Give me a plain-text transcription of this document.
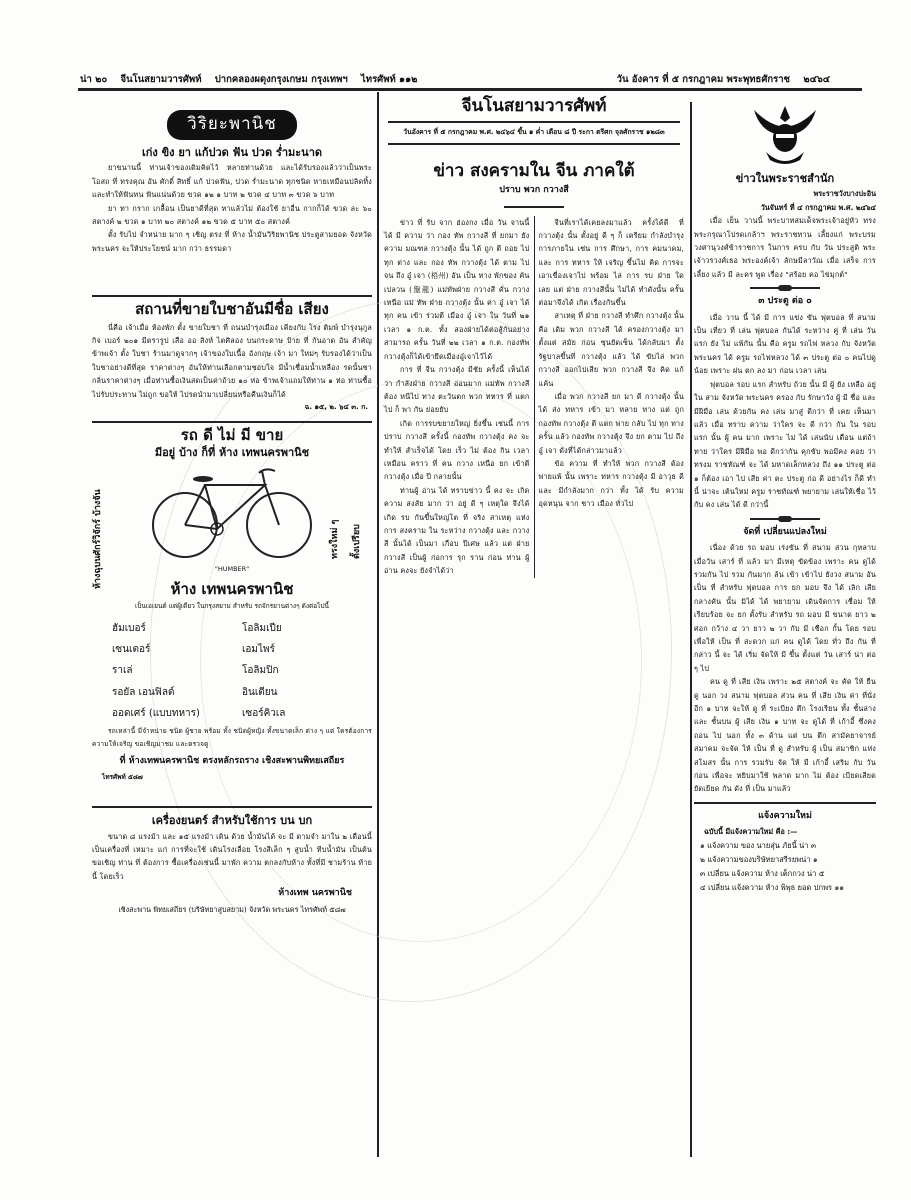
น่า ๒๐ จีนโนสยามวารศัพท์ ปากคลองผดุงกรุงเกษม กรุงเทพฯ ไทรศัพท์ ๑๑๒	วัน อังคาร ที่ ๕ กรกฎาคม พระพุทธศักราช ๒๔๖๔
วิริยะพานิช
เก่ง ขิง ยา แก้ปวด ฟัน ปวด ร่ำมะนาด

ยาขนานนี้ ท่านเจ้าของเดิมคิดไว้ หลายท่านด้วย และได้รับรองแล้วว่าเป็นพระ โอสถ ที่ ทรงคุณ อัน ศักดิ์ สิทธิ์ แก้ ปวดฟัน, ปวด ร่ำมะนาด ทุกชนิด หายเหมือนปลิดทิ้ง และทำให้ฟันทน ฟันแน่นด้วย ขวด ๑๒ ๑ บาท ๒ ขวด ๔ บาท ๓ ขวด ๖ บาท

ยา ทา กราก เกลื้อน เป็นยาดีที่สุด ทาแล้วไม่ ต้องใช้ ยาอื่น กากก็ได้ ขวด ละ ๖๐ สตางค์ ๒ ขวด ๑ บาท ๒๐ สตางค์ ๑๒ ขวด ๕ บาท ๕๐ สตางค์

ตั้ง รับไป จำหน่าย มาก ๆ เชิญ ตรง ที่ ห้าง น้ำมันวิริยพานิช ประตูสามยอด จังหวัด พระนคร จะให้ประโยชน์ มาก กว่า ธรรมดา

สถานที่ขายใบชาอันมีชื่อ เสียง

นี่คือ เจ้าเมื่อ ห้องพัก ตั้ง ขายใบชา ที่ ถนนบำรุงเมือง เคียงกับ โรง ติมพ์ บำรุงนุกูลกิจ เบอร์ ๒๐๑ มีตรารูป เสือ ออ สิงห์ ไตศิลอง บนกระดาษ ป้าย ที่ กันอาด อัน สำคัญ ข้าพเจ้า ตั้ง ใบชา ร้านมาดูจากๆ เจ้าของใบเนื้อ อังกฤษ เจ้า มา ใหม่ๆ รับรองได้ว่าเป็นใบชาอย่างดีที่สุด ราคาต่างๆ อันให้ท่านเลือกตามชอบใจ มีน้ำเชื่อมน้ำเหลือง รดนั้นชา กลิ่นราคาต่างๆ เมื่อท่านซื้อเงินสดเป็นค่าถ้วย ๑๐ ห่อ ข้าพเจ้าแถมให้ท่าน ๑ ห่อ ท่านซื้อไปรับประทาน ไม่ถูก ขอให้ ไปรดนำมาเปลี่ยนหรือคืนเงินก็ได้

ฉ. ๑๕, ๒. ๖๔ ๓. ก.
รถ ดี ไม่ มี ขาย
มีอยู่ บ้าง ก็ที่ ห้าง เทพนครพานิช
ห้างฉุบนศักร์วิจักร์ บ้างจัน	ทรงใหม่ ๆ ตั้งเปรียบ
"HUMBER"
ห้าง เทพนครพานิช
เป็นเอเยนต์ แต่ผู้เดียว ในกรุงสยาม สำหรับ รถจักรยานต่างๆ ดังต่อไปนี้
ฮัมเบอร์	โอลิมเปีย
เซนเตอร์	เอมไพร์
ราเล่	โอลิมปิก
รอยัล เอนฟิลด์	อินเตียน
ออดเศร์ (แบบทหาร)	เซอร์คิวเล

รถเหล่านี้ มีจำหน่าย ชนิด ผู้ชาย พร้อม ทั้ง ชนิดผู้หญิง ทั้งขนาดเล็ก ต่าง ๆ แต่ ใครต้องการ ความให้เจริญ ขอเชิญมาชม และตรวจดู

ที่ ห้างเทพนครพานิช ตรงหลักรถราง เชิงสะพานพิทยเสถียร
ไทรศัพท์ ๕๘๗
เครื่องยนตร์ สำหรับใช้การ บน บก

ขนาด ๘ แรงม้า และ ๑๕ แรงม้า เดิน ด้วย น้ำมันได้ จะ มี ตามจำ มาใน ๒ เดือนนี้ เป็นเครื่องที่ เหมาะ แก่ การที่จะใช้ เดินโรงเลื่อย โรงสีเล็ก ๆ สูบน้ำ ทีบน้ำมัน เป็นต้น ขอเชิญ ท่าน ที่ ต้องการ ซื้อเครื่องเช่นนี้ มาพัก ความ ตกลงกับห้าง ทั้งที่มี ชามร้าน ท้ายนี้ โดยเร็ว

ห้างเทพ นครพานิช
เชิงสะพาน พิทยเสถียร (บริษัทยาสูบสยาม) จังหวัด พระนคร ไทรศัพท์ ๕๘๗
จีนโนสยามวารศัพท์
วันอังคาร ที่ ๕ กรกฎาคม พ.ศ. ๒๔๖๔ ขึ้น ๑ ค่ำ เดือน ๘ ปี ระกา ตรีศก จุลศักราช ๑๒๘๓
ข่าว สงครามใน จีน ภาคใต้
ปราบ พวก กวางสี

ข่าว ที่ รับ จาก ฮ่องกง เมื่อ วัน จานนี้ ได้ มี ความ ว่า กอง ทัพ กวางสี ที่ ยกมา ยัง ความ มณฑล กวางตุ้ง นั้น ได้ ถูก ตี ถอย ไป ทุก ต่าง และ กอง ทัพ กวางตุ้ง ได้ ตาม ไป จน ถึง อู๋ เจา (梧州) อัน เป็น ทาง พักของ คัน เปลวน (盤龍) แม่ทัพฝ่าย กวางสี คั่น กวาง เหนือ แม่ ทัพ ฝ่าย กวางตุ้ง นั้น ค่า อู๋ เจา ได้ ทุก คน เข้า ร่วมตี เมือง อู๋ เจา ใน วันที่ ๒๑ เวลา ๑ ก.ต. ทั้ง สองฝ่ายได้ต่อสู้กันอย่างสามารถ ครั้น วันที่ ๒๒ เวลา ๑ ก.ต. กองทัพกวางตุ้งก็ได้เข้ายึดเมืองอู๋เจาไว้ได้

การ ที่ จีน กวางตุ้ง มีชัย ครั้งนี้ เห็นได้ว่า กำลังฝ่าย กวางสี อ่อนมาก แม่ทัพ กวางสี ต้อง หนีไป ทาง ตะวันตก พวก ทหาร ที่ แตก ไป ก็ พา กัน ย่อยยับ

เกิด การรบขยายใหญ่ ยิ่งขึ้น เช่นนี้ การปราบ กวางสี ครั้งนี้ กองทัพ กวางตุ้ง คง จะ ทำให้ สำเร็จได้ โดย เร็ว ไม่ ต้อง กิน เวลา เหมือน คราว ที่ คน กวาง เหนือ ยก เข้าตี กวางตุ้ง เมื่อ ปี กลายนั้น

ท่านผู้ อ่าน ได้ ทราบข่าว นี้ คง จะ เกิด ความ สงสัย มาก ว่า อยู่ ดี ๆ เหตุใด จึงได้ เกิด รบ กันขึ้นใหญ่โต ที่ จริง สาเหตุ แห่ง การ สงคราม ใน ระหว่าง กวางตุ้ง และ กวางสี นั้นได้ เป็นมา เกือบ ปีเศษ แล้ว แต่ ฝ่าย กวางสี เป็นผู้ ก่อการ รุก ราน ก่อน ท่าน ผู้อ่าน คงจะ ยังจำได้ว่า

จีนที่เราได้เคยลงมาแล้ว ครั้งได้ดี ที่ กวางตุ้ง นั้น ตั้งอยู่ ดี ๆ ก็ เตรียม กำลังบำรุงการภายใน เช่น การ ศึกษา, การ คมนาคม, และ การ ทหาร ให้ เจริญ ขึ้นไม่ คิด การจะ เอาเขื่องเจาไป พร้อม ไล่ การ รบ ฝ่าย ใด เลย แต่ ฝ่าย กวางสีนั้น ไม่ได้ ทำดังนั้น ครั้นต่อมาจึงได้ เกิด เรื่องกันขึ้น

สาเหตุ ที่ ฝ่าย กวางสี ทำศึก กวางตุ้ง นั้น คือ เดิม พวก กวางสี ได้ ครองกวางตุ้ง มา ตั้งแต่ สมัย ก่อน ซุนยัดเซ็น ได้กลับมา ตั้ง รัฐบาลขึ้นที่ กวางตุ้ง แล้ว ได้ ขับไล่ พวก กวางสี ออกไปเสีย พวก กวางสี จึง คิด แก้แค้น

เมื่อ พวก กวางสี ยก มา ตี กวางตุ้ง นั้น ได้ ส่ง ทหาร เข้า มา หลาย ทาง แต่ ถูก กองทัพ กวางตุ้ง ตี แตก พ่าย กลับ ไป ทุก ทาง ครั้น แล้ว กองทัพ กวางตุ้ง จึง ยก ตาม ไป ถึง อู๋ เจา ดังที่ได้กล่าวมาแล้ว

ข้อ ความ ที่ ทำให้ พวก กวางสี ต้อง พ่ายแพ้ นั้น เพราะ ทหาร กวางตุ้ง มี อาวุธ ดี และ มีกำลังมาก กว่า ทั้ง ได้ รับ ความ อุดหนุน จาก ชาว เมือง ทั่วไป

ข่าวในพระราชสำนัก
พระราชวังบางปะอิน
วันจันทร์ ที่ ๔ กรกฎาคม พ.ศ. ๒๔๖๔

เมื่อ เย็น วานนี้ พระบาทสมเด็จพระเจ้าอยู่หัว ทรงพระกรุณาโปรดเกล้าฯ พระราชทาน เลี้ยงแก่ พระบรมวงศานุวงศ์ข้าราชการ ในการ ครบ กับ วัน ประสูติ พระเจ้าวรวงศ์เธอ พระองค์เจ้า ลักษมีลาวัณ เมื่อ เสร็จ การ เลี้ยง แล้ว มี ละคร พูด เรื่อง "สร้อย คอ ไข่มุกต์"

๓ ประตู ต่อ ๐

เมื่อ วาน นี้ ได้ มี การ แข่ง ขัน ฟุตบอล ที่ สนาม เป็น เที่ยว ที่ เล่น ฟุตบอล กันได้ ระหว่าง คู่ ที่ เล่น วัน แรก ยัง ไม่ แพ้กัน นั้น คือ ครูม รถไฟ หลวง กับ จังหวัด พระนคร ได้ ครูม รถไฟหลวง ได้ ๓ ประตู ต่อ ๐ คนไปดูน้อย เพราะ ฝน ตก ลง มา ก่อน เวลา เล่น

ฟุตบอล รอบ แรก สำหรับ ถ้วย นั้น มี ผู้ ยัง เหลือ อยู่ ใน สาม จังหวัด พระนคร ครอง กับ รักษาวัง ผู้ มี ชื่อ และ มีฝีมือ เล่น ด้วยกัน คง เล่น มาสู่ ดีกว่า ที่ เคย เห็นมาแล้ว เมื่อ ทราบ ความ ว่าใคร จะ ดี กว่า กัน ใน รอบ แรก นั้น ผู้ คน มาก เพราะ ไม่ ได้ เล่นนับ เดือน แต่ถ้า ทาย ว่าใคร มีฝีมือ พอ ดีกว่ากัน คุกขับ พอมีคง คอย ว่า ทรงม ราชทัณฑ์ จะ ได้ มหาดเล็กหลวง ถึง ๑๑ ประตู ต่อ ๑ ก็ต้อง เอา ไป เสีย ค่า ตะ ประตู ก่อ ดี อย่างไร ก็ดี ทำ นี้ น่าจะ เต้นใหม่ ครูม ราชทัณฑ์ พยายาม เล่นให้เชื่อ ไว้ กับ คง เล่น ได้ ดี กว่านี้

จัดที่ เปลี่ยนแปลงใหม่

เนื่อง ด้วย รถ มอบ เร่งขัน ที่ สนาม สวน กุหลาบ เมื่อวัน เสาร์ ที่ แล้ว มา มีเหตุ ขัดข้อง เพราะ คน ดูได้ รวมกัน ไป รวม กันมาก ล้น เข้า เข้าไป ยังวง สนาม อันเป็น ที่ สำหรับ ฟุตบอล การ ยก มอบ จึง ได้ เลิก เสีย กลางคัน นั้น มิได้ ได้ พยายาม เดินจัดการ เชื่อม ให้ เรียบร้อย จะ ยก ตั้งรับ สำหรับ รถ มอบ มี ขนาด ยาว ๒ ศอก กว้าง ๔ วา ยาว ๒ วา กับ มี เชือก กั้น โดย รอบ เพื่อให้ เป็น ที่ สะดวก แก่ คน ดูได้ โดย ทั่ว ถึง กัน ที่ กล่าว นี้ จะ ได้ เริ่ม จัดให้ มี ขึ้น ตั้งแต่ วัน เสาร์ น่า ต่อ ๆ ไป

คน ดู ที่ เสีย เงิน เพราะ ๒๕ สตางค์ จะ คัด ให้ ยืน ดู นอก วง สนาม ฟุตบอล ส่วน คน ที่ เสีย เงิน ค่า ที่นั่ง อีก ๑ บาท จะให้ ดู ที่ ระเบียง ตึก โรงเรียน ทั้ง ชั้นล่าง และ ชั้นบน ผู้ เสีย เงิน ๑ บาท จะ ดูได้ ที่ เก้าอี้ ซึ่งคง ถอน ไป นอก ทั้ง ๓ ด้าน แต่ บน ตึก สามัคยาจารย์ สมาคม จะจัด ให้ เป็น ที่ ดู สำหรับ ผู้ เป็น สมาชิก แห่ง สโมสร นั้น การ รวมรับ จัด ให้ มี เก้าอี้ เสริม กับ วัน ก่อน เพื่อจะ หยิบมาใช้ พลาด มาก ไม่ ต้อง เบียดเสียด ยัดเยียด กัน ดัง ที่ เป็น มาแล้ว

แจ้งความใหม่
ฉบับนี้ มีแจ้งความใหม่ คือ :—
๑ แจ้งความ ของ นายสุ่น ภัยนี้ น่า ๓
๒ แจ้งความของบริษัทยาสรีรยพน่า ๑
๓ เปลี่ยน แจ้งความ ห้าง เต็กกวง น่า ๕
๔ เปลี่ยน แจ้งความ ห้าง พิพุธ ยอด ปกพร ๑๑
